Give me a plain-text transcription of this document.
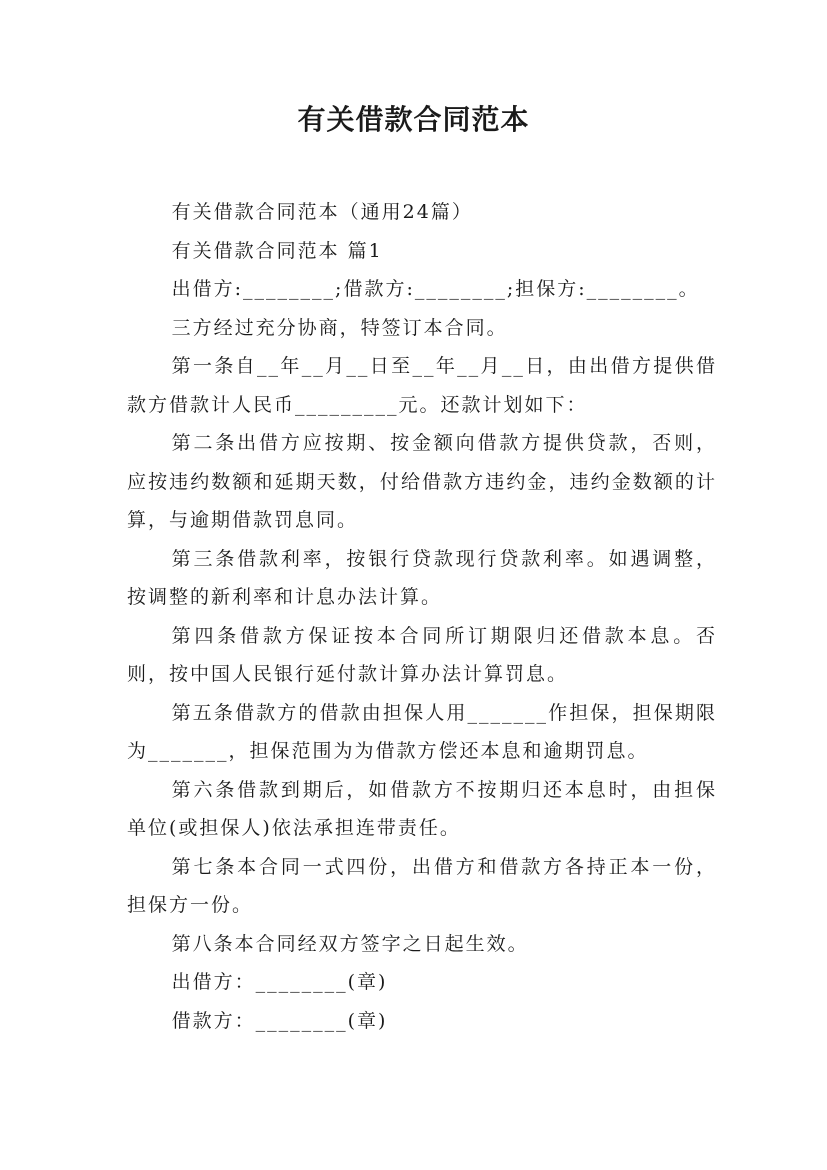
有关借款合同范本

有关借款合同范本（通用24篇）

有关借款合同范本 篇1

出借方:________;借款方:________;担保方:________。

三方经过充分协商，特签订本合同。

第一条自__年__月__日至__年__月__日，由出借方提供借款方借款计人民币_________元。还款计划如下：

第二条出借方应按期、按金额向借款方提供贷款，否则，应按违约数额和延期天数，付给借款方违约金，违约金数额的计算，与逾期借款罚息同。

第三条借款利率，按银行贷款现行贷款利率。如遇调整，按调整的新利率和计息办法计算。

第四条借款方保证按本合同所订期限归还借款本息。否则，按中国人民银行延付款计算办法计算罚息。

第五条借款方的借款由担保人用_______作担保，担保期限为_______，担保范围为为借款方偿还本息和逾期罚息。

第六条借款到期后，如借款方不按期归还本息时，由担保单位(或担保人)依法承担连带责任。

第七条本合同一式四份，出借方和借款方各持正本一份，担保方一份。

第八条本合同经双方签字之日起生效。

出借方：________(章)

借款方：________(章)
